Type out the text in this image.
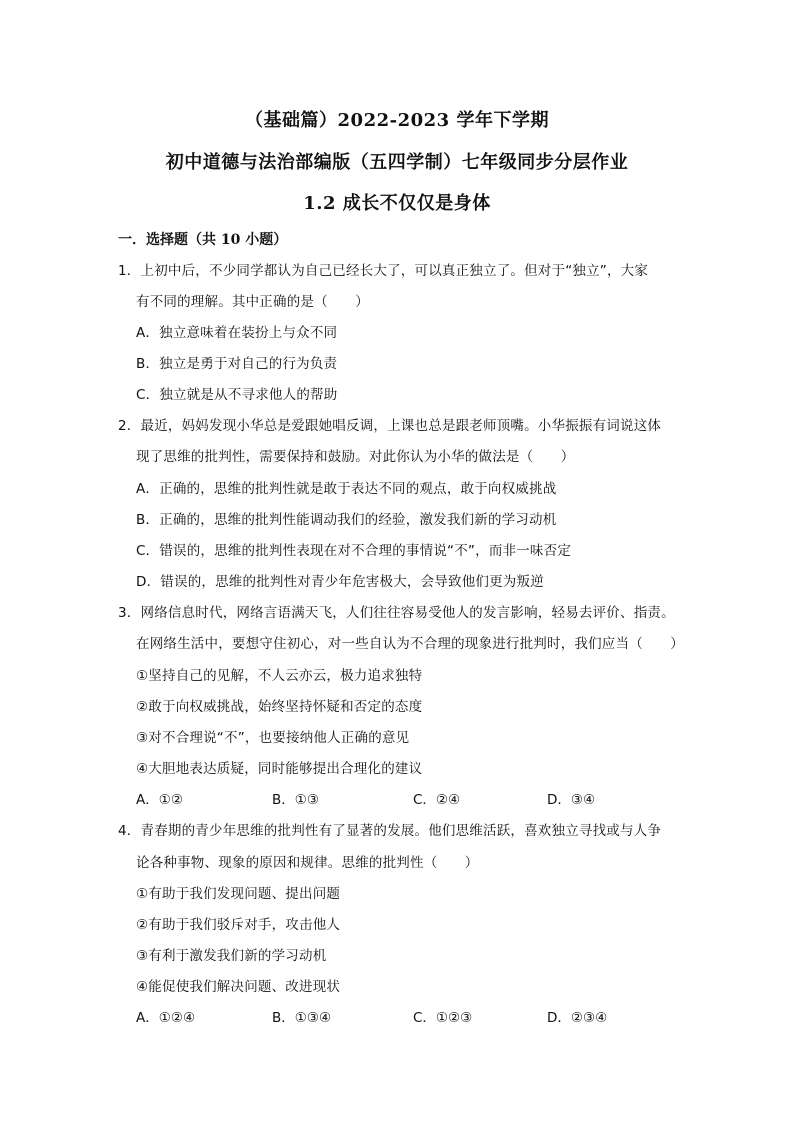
（基础篇）2022-2023 学年下学期
初中道德与法治部编版（五四学制）七年级同步分层作业
1.2 成长不仅仅是身体
一．选择题（共 10 小题）
1．上初中后，不少同学都认为自己已经长大了，可以真正独立了。但对于“独立”，大家
有不同的理解。其中正确的是（　　）
A．独立意味着在装扮上与众不同
B．独立是勇于对自己的行为负责
C．独立就是从不寻求他人的帮助
2．最近，妈妈发现小华总是爱跟她唱反调，上课也总是跟老师顶嘴。小华振振有词说这体
现了思维的批判性，需要保持和鼓励。对此你认为小华的做法是（　　）
A．正确的，思维的批判性就是敢于表达不同的观点，敢于向权威挑战
B．正确的，思维的批判性能调动我们的经验，激发我们新的学习动机
C．错误的，思维的批判性表现在对不合理的事情说“不”，而非一味否定
D．错误的，思维的批判性对青少年危害极大，会导致他们更为叛逆
3．网络信息时代，网络言语满天飞，人们往往容易受他人的发言影响，轻易去评价、指责。
在网络生活中，要想守住初心，对一些自认为不合理的现象进行批判时，我们应当（　　）
①坚持自己的见解，不人云亦云，极力追求独特
②敢于向权威挑战，始终坚持怀疑和否定的态度
③对不合理说“不”，也要接纳他人正确的意见
④大胆地表达质疑，同时能够提出合理化的建议
A．①②	B．①③	C．②④	D．③④
4．青春期的青少年思维的批判性有了显著的发展。他们思维活跃，喜欢独立寻找或与人争
论各种事物、现象的原因和规律。思维的批判性（　　）
①有助于我们发现问题、提出问题
②有助于我们驳斥对手，攻击他人
③有利于激发我们新的学习动机
④能促使我们解决问题、改进现状
A．①②④	B．①③④	C．①②③	D．②③④
